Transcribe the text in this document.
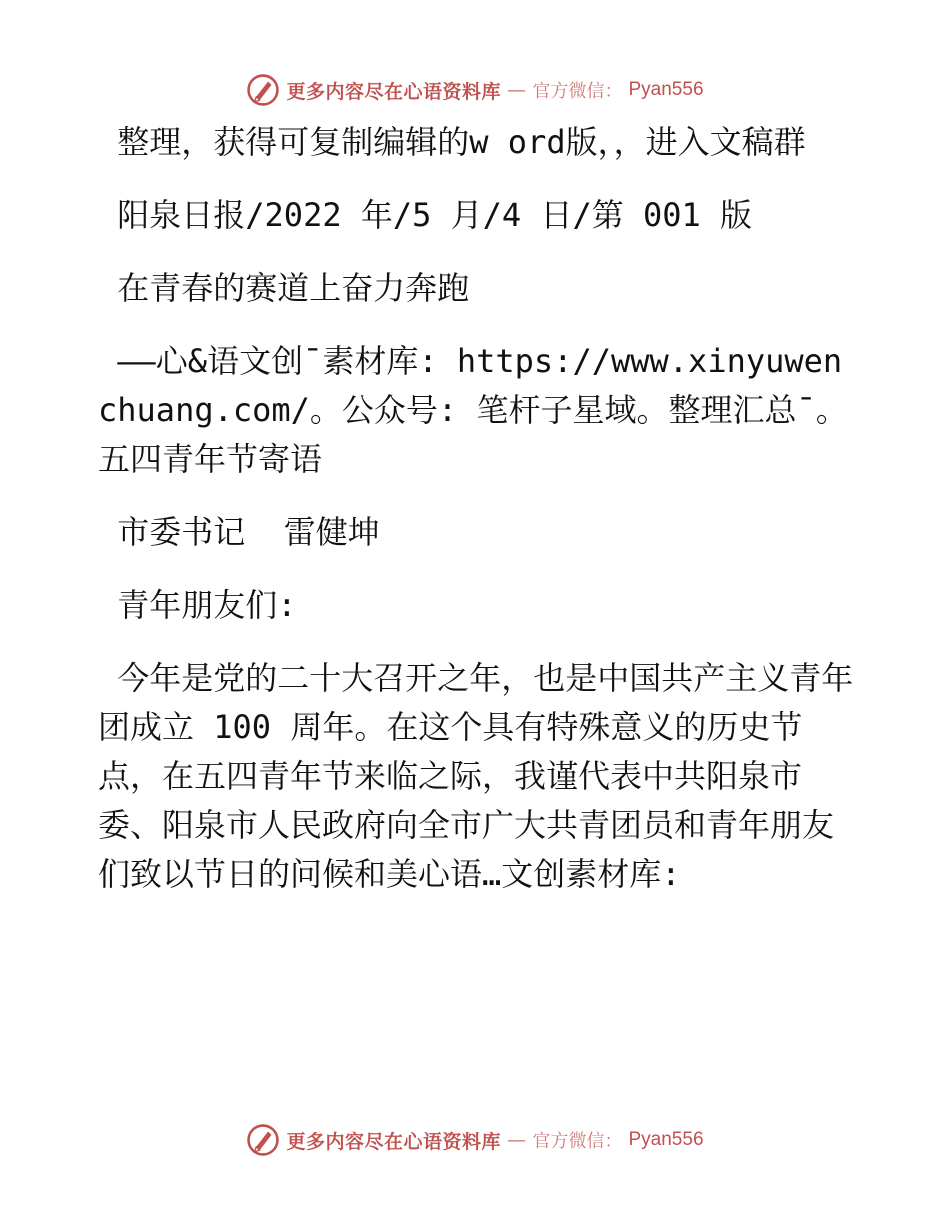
更多内容尽在心语资料库 — 官方微信： Pyan556

整理，获得可复制编辑的w ord版，，进入文稿群

阳泉日报/2022 年/5 月/4 日/第 001 版

在青春的赛道上奋力奔跑

——心&语文创¯素材库: https://www.xinyuwenchuang.com/。公众号: 笔杆子星域。整理汇总¯。五四青年节寄语

市委书记  雷健坤

青年朋友们:

今年是党的二十大召开之年，也是中国共产主义青年团成立 100 周年。在这个具有特殊意义的历史节点，在五四青年节来临之际，我谨代表中共阳泉市委、阳泉市人民政府向全市广大共青团员和青年朋友们致以节日的问候和美心语…文创素材库:

更多内容尽在心语资料库 — 官方微信： Pyan556
